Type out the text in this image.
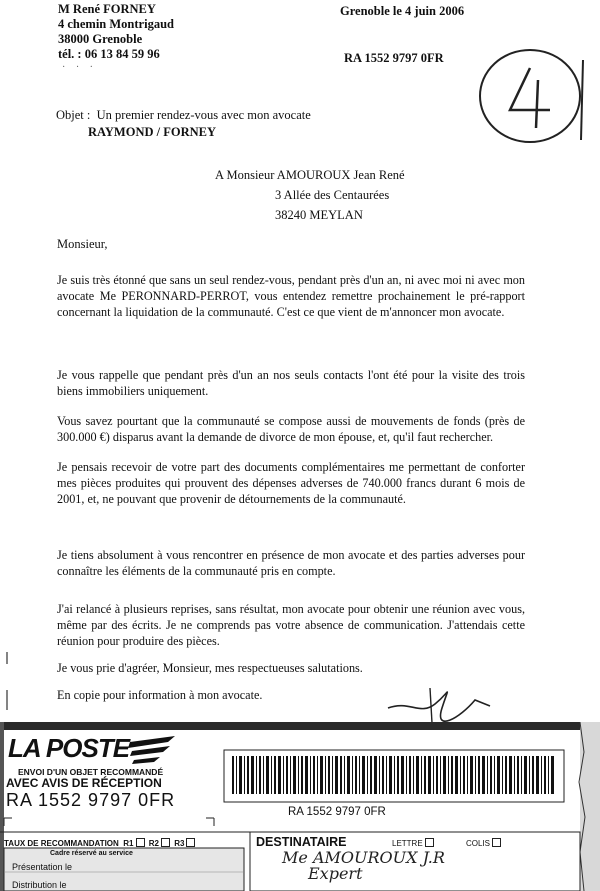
M René FORNEY
4 chemin Montrigaud
38000 Grenoble
tél. : 06 13 84 59 96
· · ·
Grenoble le 4 juin 2006
RA 1552 9797 0FR
4
Objet : Un premier rendez-vous avec mon avocate
RAYMOND / FORNEY
A Monsieur AMOUROUX Jean René
3 Allée des Centaurées
38240 MEYLAN
Monsieur,
Je suis très étonné que sans un seul rendez-vous, pendant près d'un an, ni avec moi ni avec mon avocate Me PERONNARD-PERROT, vous entendez remettre prochainement le pré-rapport concernant la liquidation de la communauté. C'est ce que vient de m'annoncer mon avocate.
Je vous rappelle que pendant près d'un an nos seuls contacts l'ont été pour la visite des trois biens immobiliers uniquement.
Vous savez pourtant que la communauté se compose aussi de mouvements de fonds (près de 300.000 €) disparus avant la demande de divorce de mon épouse, et, qu'il faut rechercher.
Je pensais recevoir de votre part des documents complémentaires me permettant de conforter mes pièces produites qui prouvent des dépenses adverses de 740.000 francs durant 6 mois de 2001, et, ne pouvant que provenir de détournements de la communauté.
Je tiens absolument à vous rencontrer en présence de mon avocate et des parties adverses pour connaître les éléments de la communauté pris en compte.
J'ai relancé à plusieurs reprises, sans résultat, mon avocate pour obtenir une réunion avec vous, même par des écrits. Je ne comprends pas votre absence de communication. J'attendais cette réunion pour produire des pièces.
Je vous prie d'agréer, Monsieur, mes respectueuses salutations.
En copie pour information à mon avocate.
LA POSTE
ENVOI D'UN OBJET RECOMMANDÉ
AVEC AVIS DE RÉCEPTION
RA 1552 9797 0FR
RA 1552 9797 0FR
TAUX DE RECOMMANDATION R1 R2 R3	DESTINATAIRE	LETTRE	COLIS
Cadre réservé au service
Présentation le
Distribution le
Me AMOUROUX J.R
Expert
